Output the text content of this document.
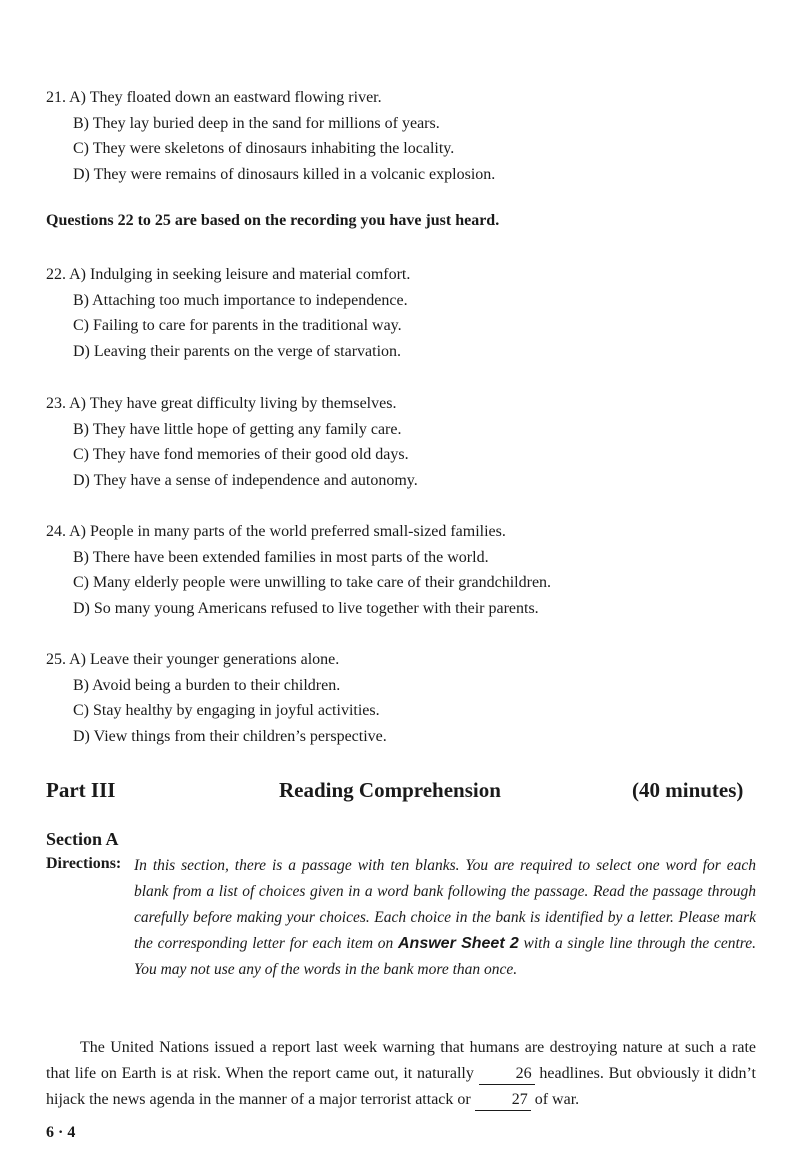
21. A) They floated down an eastward flowing river.
B) They lay buried deep in the sand for millions of years.
C) They were skeletons of dinosaurs inhabiting the locality.
D) They were remains of dinosaurs killed in a volcanic explosion.
Questions 22 to 25 are based on the recording you have just heard.
22. A) Indulging in seeking leisure and material comfort.
B) Attaching too much importance to independence.
C) Failing to care for parents in the traditional way.
D) Leaving their parents on the verge of starvation.
23. A) They have great difficulty living by themselves.
B) They have little hope of getting any family care.
C) They have fond memories of their good old days.
D) They have a sense of independence and autonomy.
24. A) People in many parts of the world preferred small-sized families.
B) There have been extended families in most parts of the world.
C) Many elderly people were unwilling to take care of their grandchildren.
D) So many young Americans refused to live together with their parents.
25. A) Leave their younger generations alone.
B) Avoid being a burden to their children.
C) Stay healthy by engaging in joyful activities.
D) View things from their children’s perspective.
Part III	Reading Comprehension	(40 minutes)
Section A
Directions: In this section, there is a passage with ten blanks. You are required to select one word for each blank from a list of choices given in a word bank following the passage. Read the passage through carefully before making your choices. Each choice in the bank is identified by a letter. Please mark the corresponding letter for each item on Answer Sheet 2 with a single line through the centre. You may not use any of the words in the bank more than once.

The United Nations issued a report last week warning that humans are destroying nature at such a rate that life on Earth is at risk. When the report came out, it naturally 26 headlines. But obviously it didn’t hijack the news agenda in the manner of a major terrorist attack or 27 of war.

6 · 4
